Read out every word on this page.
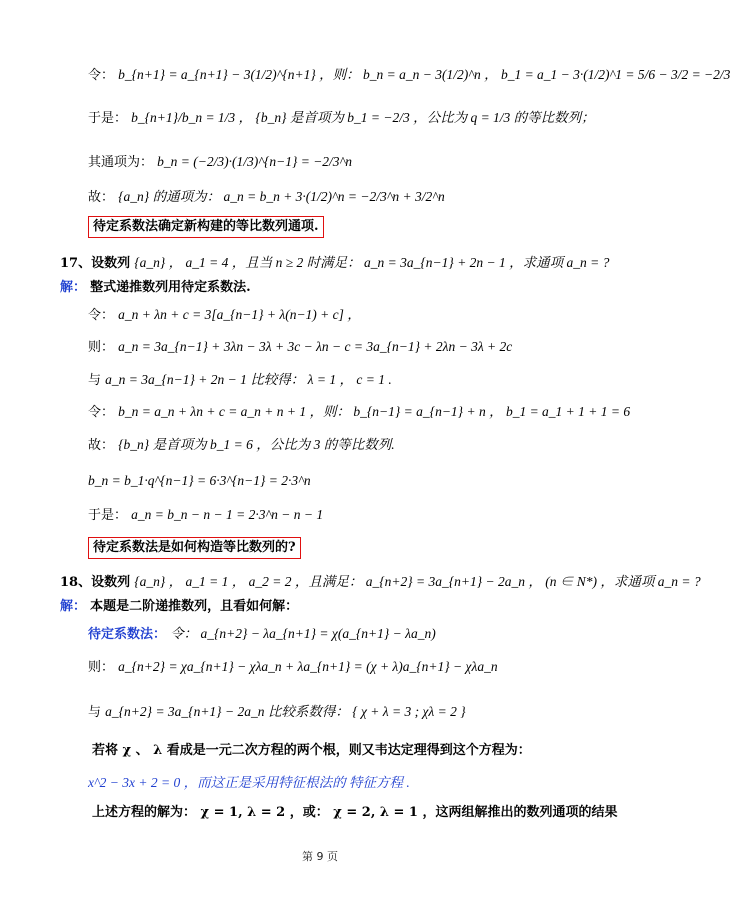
令： b_{n+1} = a_{n+1} − 3(1/2)^{n+1} ，则： b_n = a_n − 3(1/2)^n ， b_1 = a_1 − 3·(1/2)^1 = 5/6 − 3/2 = −2/3
于是： b_{n+1}/b_n = 1/3 ， {b_n} 是首项为 b_1 = −2/3 ，公比为 q = 1/3 的等比数列；
其通项为： b_n = (−2/3)·(1/3)^{n−1} = −2/3^n
故： {a_n} 的通项为： a_n = b_n + 3·(1/2)^n = −2/3^n + 3/2^n
待定系数法确定新构建的等比数列通项.
17、设数列 {a_n} ， a_1 = 4 ，且当 n ≥ 2 时满足： a_n = 3a_{n−1} + 2n − 1 ，求通项 a_n = ?
解： 整式递推数列用待定系数法.
令： a_n + λn + c = 3[a_{n−1} + λ(n−1) + c] ，
则： a_n = 3a_{n−1} + 3λn − 3λ + 3c − λn − c = 3a_{n−1} + 2λn − 3λ + 2c
与 a_n = 3a_{n−1} + 2n − 1 比较得： λ = 1 ， c = 1 .
令： b_n = a_n + λn + c = a_n + n + 1 ，则： b_{n−1} = a_{n−1} + n ， b_1 = a_1 + 1 + 1 = 6
故： {b_n} 是首项为 b_1 = 6 ，公比为 3 的等比数列.
b_n = b_1·q^{n−1} = 6·3^{n−1} = 2·3^n
于是： a_n = b_n − n − 1 = 2·3^n − n − 1
待定系数法是如何构造等比数列的?
18、设数列 {a_n} ， a_1 = 1 ， a_2 = 2 ，且满足： a_{n+2} = 3a_{n+1} − 2a_n ， (n ∈ N*) ，求通项 a_n = ?
解： 本题是二阶递推数列，且看如何解：
待定系数法： 令： a_{n+2} − λa_{n+1} = χ(a_{n+1} − λa_n)
则： a_{n+2} = χa_{n+1} − χλa_n + λa_{n+1} = (χ + λ)a_{n+1} − χλa_n
与 a_{n+2} = 3a_{n+1} − 2a_n 比较系数得： { χ + λ = 3 ; χλ = 2 }
若将 χ 、 λ 看成是一元二次方程的两个根，则又韦达定理得到这个方程为：
x^2 − 3x + 2 = 0 ，而这正是采用特征根法的 特征方程 .
上述方程的解为： χ = 1, λ = 2 ，或： χ = 2, λ = 1 ，这两组解推出的数列通项的结果
第 9 页
